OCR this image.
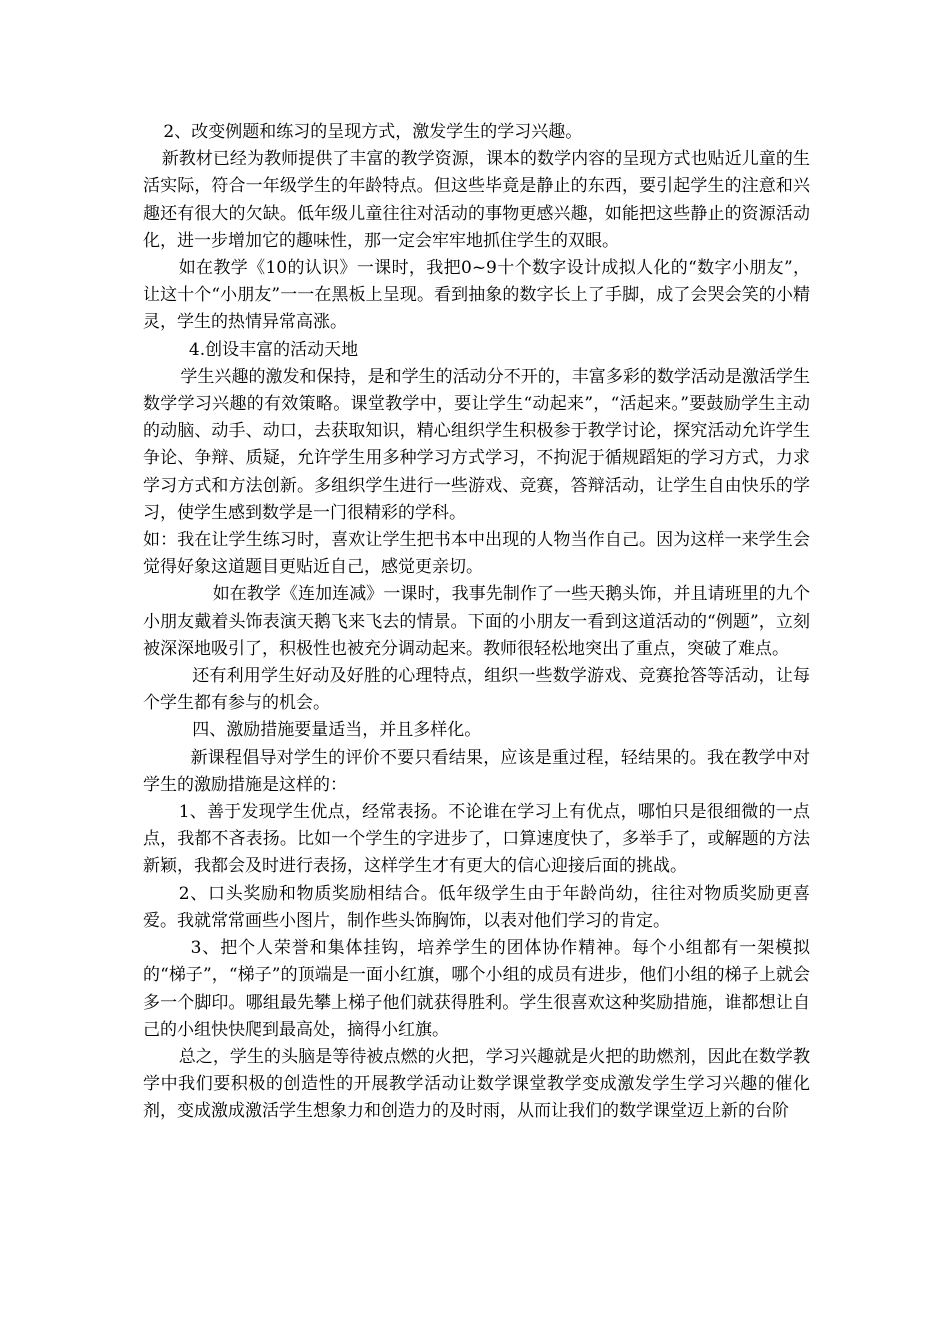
2、改变例题和练习的呈现方式，激发学生的学习兴趣。

新教材已经为教师提供了丰富的教学资源，课本的数学内容的呈现方式也贴近儿童的生活实际，符合一年级学生的年龄特点。但这些毕竟是静止的东西，要引起学生的注意和兴趣还有很大的欠缺。低年级儿童往往对活动的事物更感兴趣，如能把这些静止的资源活动化，进一步增加它的趣味性，那一定会牢牢地抓住学生的双眼。

如在教学《10的认识》一课时，我把0~9十个数字设计成拟人化的“数字小朋友”，让这十个“小朋友”一一在黑板上呈现。看到抽象的数字长上了手脚，成了会哭会笑的小精灵，学生的热情异常高涨。

4.创设丰富的活动天地

学生兴趣的激发和保持，是和学生的活动分不开的，丰富多彩的数学活动是激活学生数学学习兴趣的有效策略。课堂教学中，要让学生“动起来”，“活起来。”要鼓励学生主动的动脑、动手、动口，去获取知识，精心组织学生积极参于教学讨论，探究活动允许学生争论、争辩、质疑，允许学生用多种学习方式学习，不拘泥于循规蹈矩的学习方式，力求学习方式和方法创新。多组织学生进行一些游戏、竞赛，答辩活动，让学生自由快乐的学习，使学生感到数学是一门很精彩的学科。

如：我在让学生练习时，喜欢让学生把书本中出现的人物当作自己。因为这样一来学生会觉得好象这道题目更贴近自己，感觉更亲切。

如在教学《连加连减》一课时，我事先制作了一些天鹅头饰，并且请班里的九个小朋友戴着头饰表演天鹅飞来飞去的情景。下面的小朋友一看到这道活动的“例题”，立刻被深深地吸引了，积极性也被充分调动起来。教师很轻松地突出了重点，突破了难点。

还有利用学生好动及好胜的心理特点，组织一些数学游戏、竞赛抢答等活动，让每个学生都有参与的机会。

四、激励措施要量适当，并且多样化。

新课程倡导对学生的评价不要只看结果，应该是重过程，轻结果的。我在教学中对学生的激励措施是这样的：

1、善于发现学生优点，经常表扬。不论谁在学习上有优点，哪怕只是很细微的一点点，我都不吝表扬。比如一个学生的字进步了，口算速度快了，多举手了，或解题的方法新颖，我都会及时进行表扬，这样学生才有更大的信心迎接后面的挑战。

2、口头奖励和物质奖励相结合。低年级学生由于年龄尚幼，往往对物质奖励更喜爱。我就常常画些小图片，制作些头饰胸饰，以表对他们学习的肯定。

3、把个人荣誉和集体挂钩，培养学生的团体协作精神。每个小组都有一架模拟的“梯子”，“梯子”的顶端是一面小红旗，哪个小组的成员有进步，他们小组的梯子上就会多一个脚印。哪组最先攀上梯子他们就获得胜利。学生很喜欢这种奖励措施，谁都想让自己的小组快快爬到最高处，摘得小红旗。

总之，学生的头脑是等待被点燃的火把，学习兴趣就是火把的助燃剂，因此在数学教学中我们要积极的创造性的开展教学活动让数学课堂教学变成激发学生学习兴趣的催化剂，变成激成激活学生想象力和创造力的及时雨，从而让我们的数学课堂迈上新的台阶
